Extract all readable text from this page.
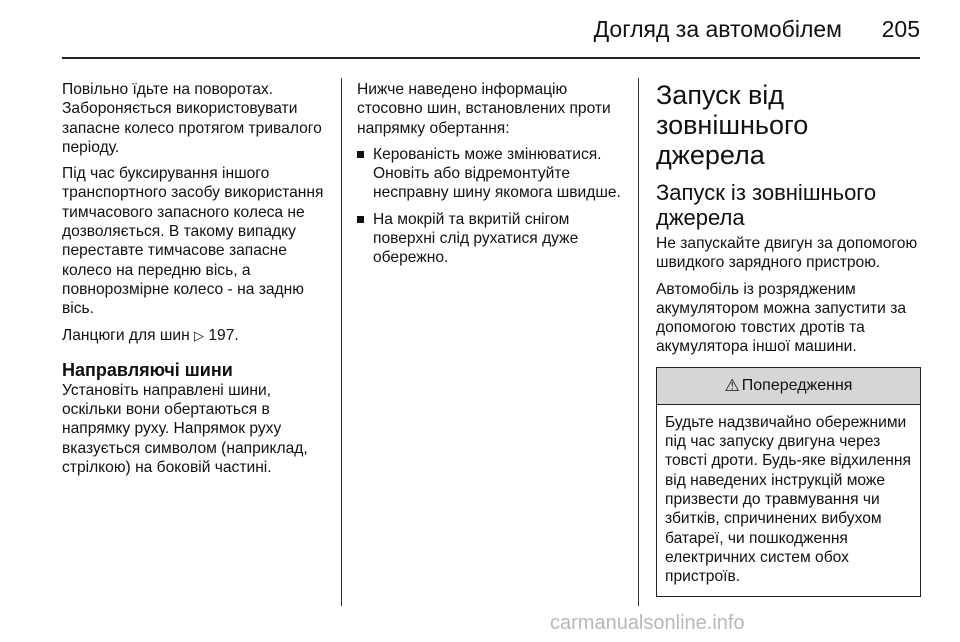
Догляд за автомобілем 205

Повільно їдьте на поворотах. Забороняється використовувати запасне колесо протягом тривалого періоду.

Під час буксирування іншого транспортного засобу використання тимчасового запасного колеса не дозволяється. В такому випадку переставте тимчасове запасне колесо на передню вісь, а повнорозмірне колесо - на задню вісь.

Ланцюги для шин ▷ 197.

Направляючі шини

Установіть направлені шини, оскільки вони обертаються в напрямку руху. Напрямок руху вказується символом (наприклад, стрілкою) на боковій частині.

Нижче наведено інформацію стосовно шин, встановлених проти напрямку обертання:

Керованість може змінюватися. Оновіть або відремонтуйте несправну шину якомога швидше.
На мокрій та вкритій снігом поверхні слід рухатися дуже обережно.
Запуск від зовнішнього джерела
Запуск із зовнішнього джерела

Не запускайте двигун за допомогою швидкого зарядного пристрою.

Автомобіль із розрядженим акумулятором можна запустити за допомогою товстих дротів та акумулятора іншої машини.

⚠ Попередження
Будьте надзвичайно обережними під час запуску двигуна через товсті дроти. Будь-яке відхилення від наведених інструкцій може призвести до травмування чи збитків, спричинених вибухом батареї, чи пошкодження електричних систем обох пристроїв.
carmanualsonline.info
